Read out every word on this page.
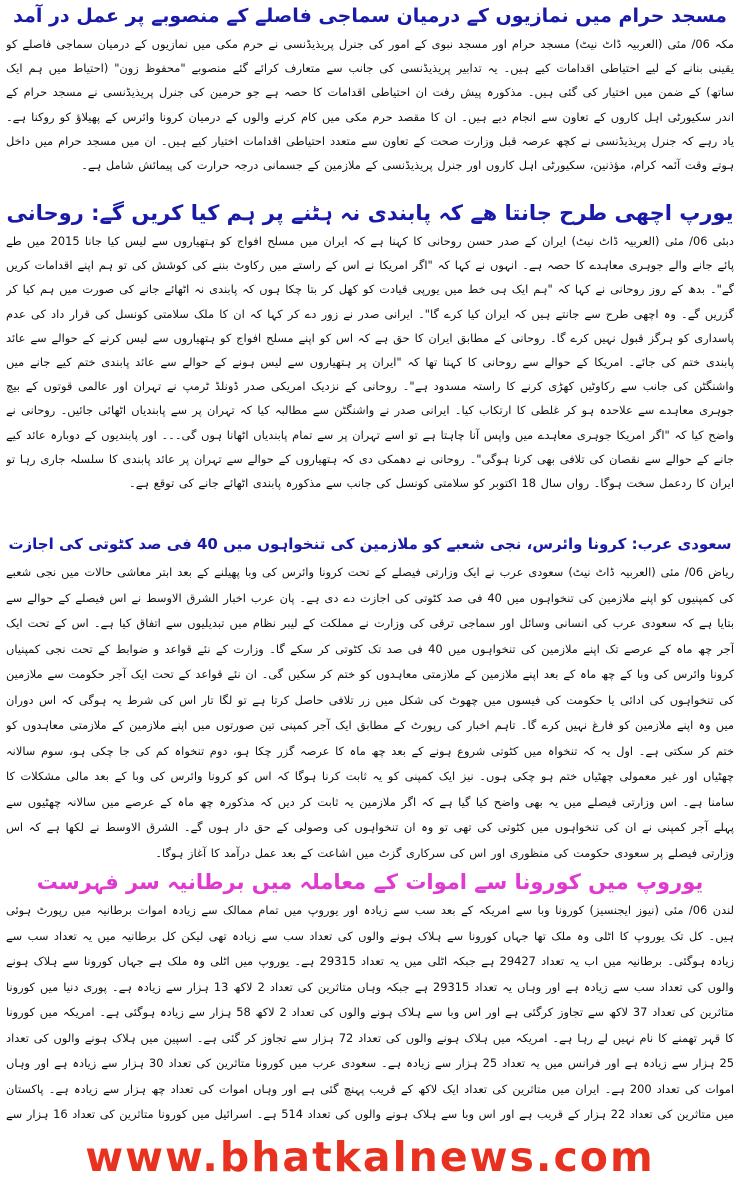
مسجد حرام میں نمازیوں کے درمیان سماجی فاصلے کے منصوبے پر عمل در آمد

مکہ 06/ مئی (العربیہ ڈاٹ نیٹ) مسجد حرام اور مسجد نبوی کے امور کی جنرل پریذیڈنسی نے حرم مکی میں نمازیوں کے درمیان سماجی فاصلے کو یقینی بنانے کے لیے احتیاطی اقدامات کیے ہیں۔ یہ تدابیر پریذیڈنسی کی جانب سے متعارف کرائے گئے منصوبے "محفوظ زون" (احتیاط میں ہم ایک ساتھ) کے ضمن میں اختیار کی گئی ہیں۔ مذکورہ پیش رفت ان احتیاطی اقدامات کا حصہ ہے جو حرمین کی جنرل پریذیڈنسی نے مسجد حرام کے اندر سکیورٹی اہل کاروں کے تعاون سے انجام دیے ہیں۔ ان کا مقصد حرم مکی میں کام کرنے والوں کے درمیان کرونا وائرس کے پھیلاؤ کو روکنا ہے۔ یاد رہے کہ جنرل پریذیڈنسی نے کچھ عرصہ قبل وزارت صحت کے تعاون سے متعدد احتیاطی اقدامات اختیار کیے ہیں۔ ان میں مسجد حرام میں داخل ہوتے وقت آئمہ کرام، مؤذنین، سکیورٹی اہل کاروں اور جنرل پریذیڈنسی کے ملازمین کے جسمانی درجہ حرارت کی پیمائش شامل ہے۔

یورپ اچھی طرح جانتا ھے کہ پابندی نہ ہٹنے پر ہم کیا کریں گے: روحانی

دبئی 06/ مئی (العربیہ ڈاٹ نیٹ) ایران کے صدر حسن روحانی کا کہنا ہے کہ ایران میں مسلح افواج کو ہتھیاروں سے لیس کیا جانا 2015 میں طے پائے جانے والے جوہری معاہدے کا حصہ ہے۔ انہوں نے کہا کہ "اگر امریکا نے اس کے راستے میں رکاوٹ بننے کی کوشش کی تو ہم اپنے اقدامات کریں گے"۔ بدھ کے روز روحانی نے کہا کہ "ہم ایک ہی خط میں یورپی قیادت کو کھل کر بتا چکا ہوں کہ پابندی نہ اٹھائے جانے کی صورت میں ہم کیا کر گزریں گے۔ وہ اچھی طرح سے جانتے ہیں کہ ایران کیا کرے گا"۔ ایرانی صدر نے زور دے کر کہا کہ ان کا ملک سلامتی کونسل کی قرار داد کی عدم پاسداری کو ہرگز قبول نہیں کرے گا۔ روحانی کے مطابق ایران کا حق ہے کہ اس کو اپنے مسلح افواج کو ہتھیاروں سے لیس کرنے کے حوالے سے عائد پابندی ختم کی جائے۔ امریکا کے حوالے سے روحانی کا کہنا تھا کہ "ایران پر ہتھیاروں سے لیس ہونے کے حوالے سے عائد پابندی ختم کیے جانے میں واشنگٹن کی جانب سے رکاوٹیں کھڑی کرنے کا راستہ مسدود ہے"۔ روحانی کے نزدیک امریکی صدر ڈونلڈ ٹرمپ نے تہران اور عالمی قوتوں کے بیچ جوہری معاہدے سے علاحدہ ہو کر غلطی کا ارتکاب کیا۔ ایرانی صدر نے واشنگٹن سے مطالبہ کیا کہ تہران پر سے پابندیاں اٹھائی جائیں۔ روحانی نے واضح کیا کہ "اگر امریکا جوہری معاہدے میں واپس آنا چاہتا ہے تو اسے تہران پر سے تمام پابندیاں اٹھانا ہوں گی۔۔۔ اور پابندیوں کے دوبارہ عائد کیے جانے کے حوالے سے نقصان کی تلافی بھی کرنا ہوگی"۔ روحانی نے دھمکی دی کہ ہتھیاروں کے حوالے سے تہران پر عائد پابندی کا سلسلہ جاری رہا تو ایران کا ردعمل سخت ہوگا۔ رواں سال 18 اکتوبر کو سلامتی کونسل کی جانب سے مذکورہ پابندی اٹھائے جانے کی توقع ہے۔

سعودی عرب: کرونا وائرس، نجی شعبے کو ملازمین کی تنخواہوں میں 40 فی صد کٹوتی کی اجازت

ریاض 06/ مئی (العربیہ ڈاٹ نیٹ) سعودی عرب نے ایک وزارتی فیصلے کے تحت کرونا وائرس کی وبا پھیلنے کے بعد ابتر معاشی حالات میں نجی شعبے کی کمپنیوں کو اپنے ملازمین کی تنخواہوں میں 40 فی صد کٹوتی کی اجازت دے دی ہے۔ پان عرب اخبار الشرق الاوسط نے اس فیصلے کے حوالے سے بتایا ہے کہ سعودی عرب کی انسانی وسائل اور سماجی ترقی کی وزارت نے مملکت کے لیبر نظام میں تبدیلیوں سے اتفاق کیا ہے۔ اس کے تحت ایک آجر چھ ماہ کے عرصے تک اپنے ملازمین کی تنخواہوں میں 40 فی صد تک کٹوتی کر سکے گا۔ وزارت کے نئے قواعد و ضوابط کے تحت نجی کمپنیاں کرونا وائرس کی وبا کے چھ ماہ کے بعد اپنے ملازمین کے ملازمتی معاہدوں کو ختم کر سکیں گی۔ ان نئے قواعد کے تحت ایک آجر حکومت سے ملازمین کی تنخواہوں کی ادائی یا حکومت کی فیسوں میں چھوٹ کی شکل میں زر تلافی حاصل کرتا ہے تو لگا تار اس کی شرط یہ ہوگی کہ اس دوران میں وہ اپنے ملازمین کو فارغ نہیں کرے گا۔ تاہم اخبار کی رپورٹ کے مطابق ایک آجر کمپنی تین صورتوں میں اپنے ملازمین کے ملازمتی معاہدوں کو ختم کر سکتی ہے۔ اول یہ کہ تنخواہ میں کٹوتی شروع ہونے کے بعد چھ ماہ کا عرصہ گزر چکا ہو، دوم تنخواہ کم کی جا چکی ہو، سوم سالانہ چھٹیاں اور غیر معمولی چھٹیاں ختم ہو چکی ہوں۔ نیز ایک کمپنی کو یہ ثابت کرنا ہوگا کہ اس کو کرونا وائرس کی وبا کے بعد مالی مشکلات کا سامنا ہے۔ اس وزارتی فیصلے میں یہ بھی واضح کیا گیا ہے کہ اگر ملازمین یہ ثابت کر دیں کہ مذکورہ چھ ماہ کے عرصے میں سالانہ چھٹیوں سے پہلے آجر کمپنی نے ان کی تنخواہوں میں کٹوتی کی تھی تو وہ ان تنخواہوں کی وصولی کے حق دار ہوں گے۔ الشرق الاوسط نے لکھا ہے کہ اس وزارتی فیصلے پر سعودی حکومت کی منظوری اور اس کی سرکاری گزٹ میں اشاعت کے بعد عمل درآمد کا آغاز ہوگا۔

یوروپ میں کورونا سے اموات کے معاملہ میں برطانیہ سر فہرست

لندن 06/ مئی (نیوز ایجنسیز) کورونا وبا سے امریکہ کے بعد سب سے زیادہ اور یوروپ میں تمام ممالک سے زیادہ اموات برطانیہ میں رپورٹ ہوئی ہیں۔ کل تک یوروپ کا اٹلی وہ ملک تھا جہاں کورونا سے ہلاک ہونے والوں کی تعداد سب سے زیادہ تھی لیکن کل برطانیہ میں یہ تعداد سب سے زیادہ ہوگئی۔ برطانیہ میں اب یہ تعداد 29427 ہے جبکہ اٹلی میں یہ تعداد 29315 ہے۔ یوروپ میں اٹلی وہ ملک ہے جہاں کورونا سے ہلاک ہونے والوں کی تعداد سب سے زیادہ ہے اور وہاں یہ تعداد 29315 ہے جبکہ وہاں متاثرین کی تعداد 2 لاکھ 13 ہزار سے زیادہ ہے۔ پوری دنیا میں کورونا متاثرین کی تعداد 37 لاکھ سے تجاوز کرگئی ہے اور اس وبا سے ہلاک ہونے والوں کی تعداد 2 لاکھ 58 ہزار سے زیادہ ہوگئی ہے۔ امریکہ میں کورونا کا قہر تھمنے کا نام نہیں لے رہا ہے۔ امریکہ میں ہلاک ہونے والوں کی تعداد 72 ہزار سے تجاوز کر گئی ہے۔ اسپین میں ہلاک ہونے والوں کی تعداد 25 ہزار سے زیادہ ہے اور فرانس میں یہ تعداد 25 ہزار سے زیادہ ہے۔ سعودی عرب میں کورونا متاثرین کی تعداد 30 ہزار سے زیادہ ہے اور وہاں اموات کی تعداد 200 ہے۔ ایران میں متاثرین کی تعداد ایک لاکھ کے قریب پہنچ گئی ہے اور وہاں اموات کی تعداد چھ ہزار سے زیادہ ہے۔ پاکستان میں متاثرین کی تعداد 22 ہزار کے قریب ہے اور اس وبا سے ہلاک ہونے والوں کی تعداد 514 ہے۔ اسرائیل میں کورونا متاثرین کی تعداد 16 ہزار سے

www.bhatkalnews.com
